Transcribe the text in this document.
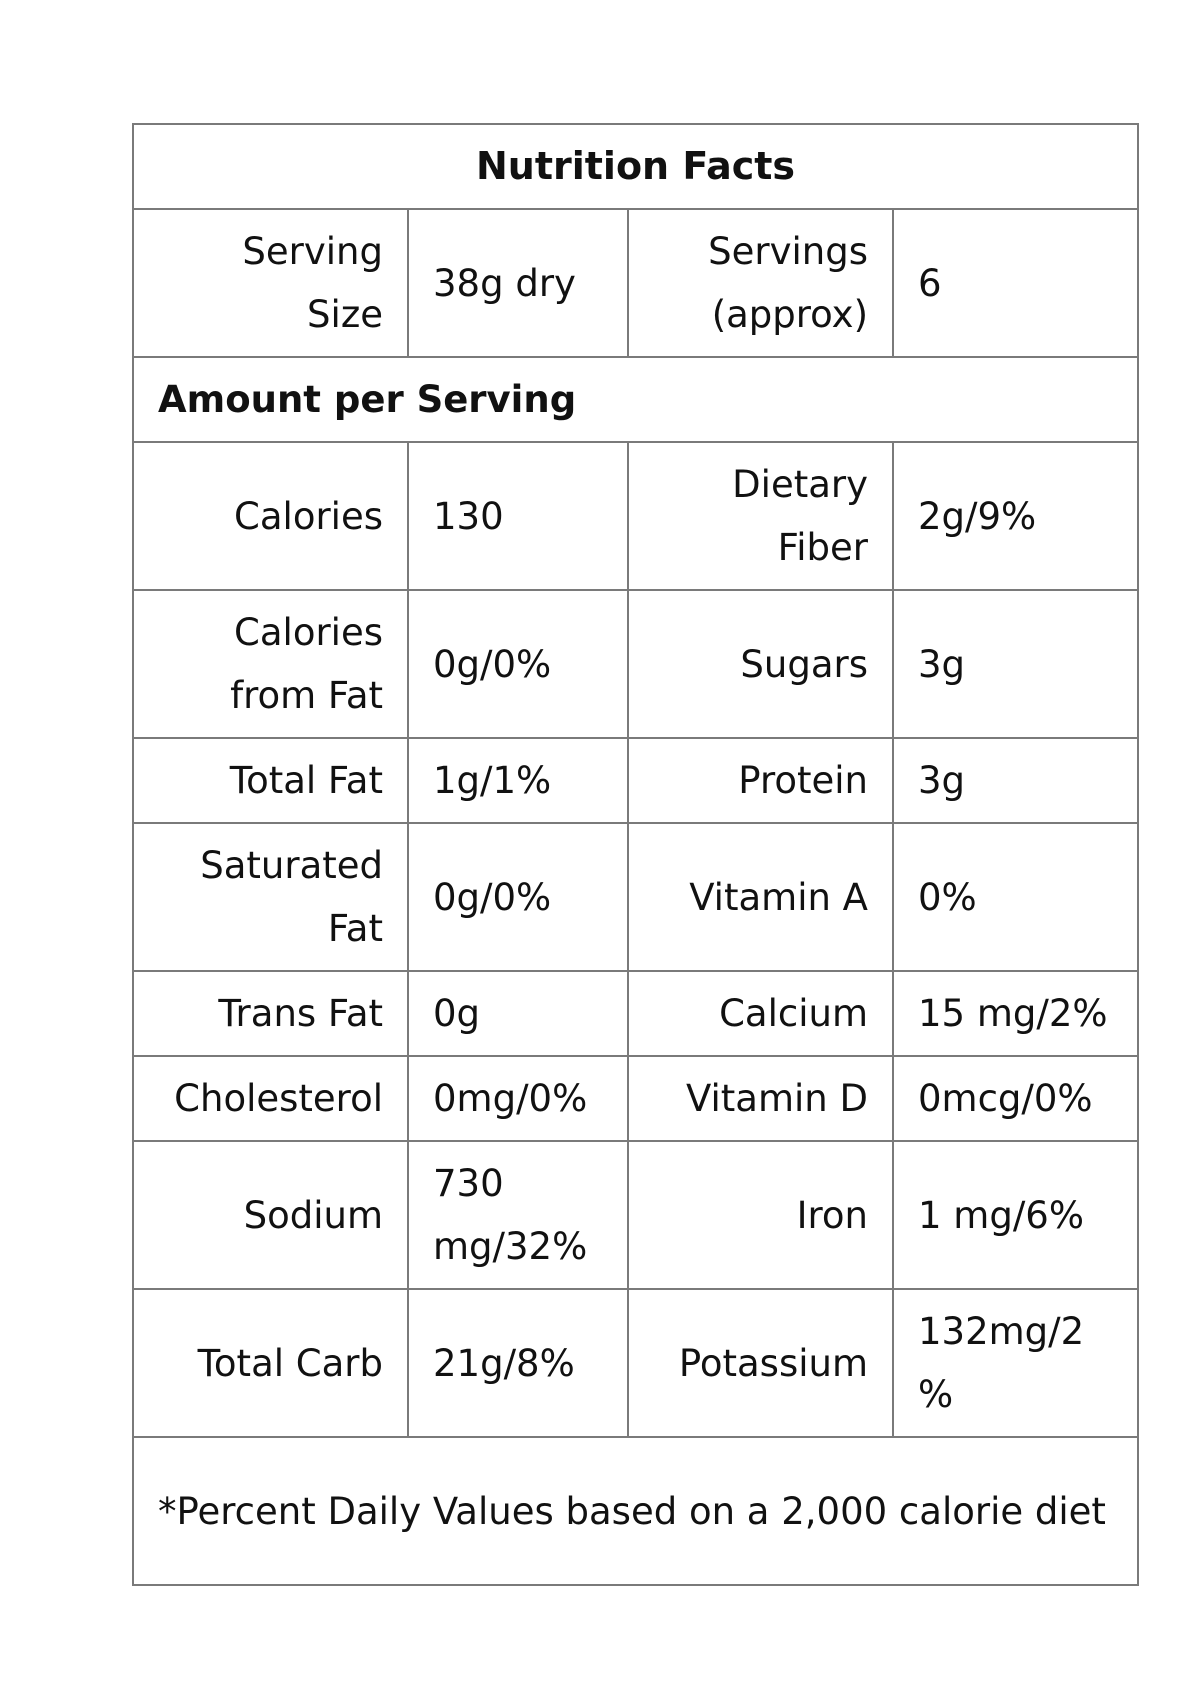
Nutrition Facts			
Serving Size	38g dry	Servings (approx)	6
Amount per Serving			
Calories	130	Dietary Fiber	2g/9%
Calories from Fat	0g/0%	Sugars	3g
Total Fat	1g/1%	Protein	3g
Saturated Fat	0g/0%	Vitamin A	0%
Trans Fat	0g	Calcium	15 mg/2%
Cholesterol	0mg/0%	Vitamin D	0mcg/0%
Sodium	730 mg/32%	Iron	1 mg/6%
Total Carb	21g/8%	Potassium	132mg/2%
*Percent Daily Values based on a 2,000 calorie diet			
